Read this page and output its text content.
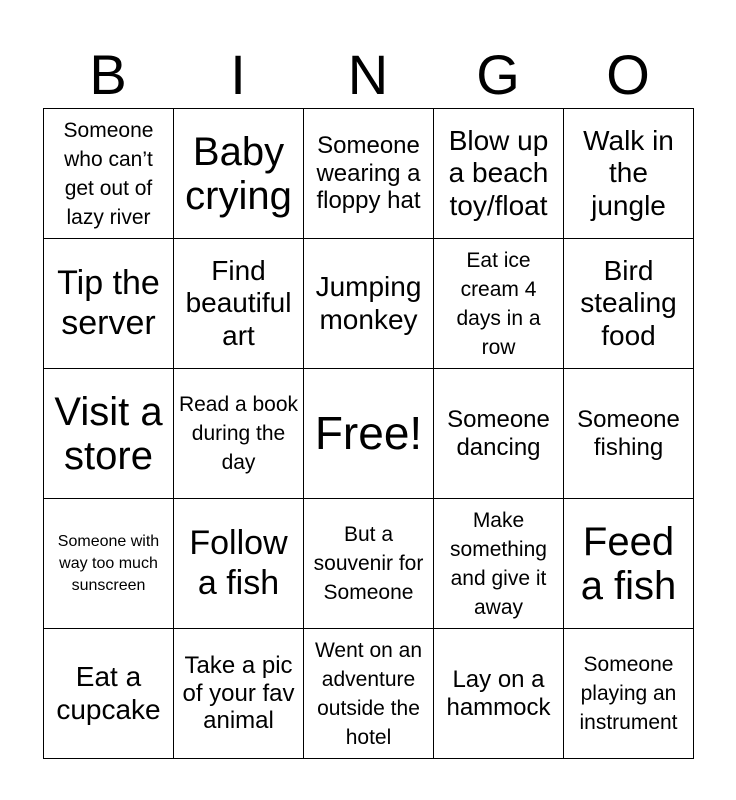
B	I	N	G	O
Someone who can’t get out of lazy river	Baby crying	Someone wearing a floppy hat	Blow up a beach toy/float	Walk in the jungle
Tip the server	Find beautiful art	Jumping monkey	Eat ice cream 4 days in a row	Bird stealing food
Visit a store	Read a book during the day	Free!	Someone dancing	Someone fishing
Someone with way too much sunscreen	Follow a fish	But a souvenir for Someone	Make something and give it away	Feed a fish
Eat a cupcake	Take a pic of your fav animal	Went on an adventure outside the hotel	Lay on a hammock	Someone playing an instrument
